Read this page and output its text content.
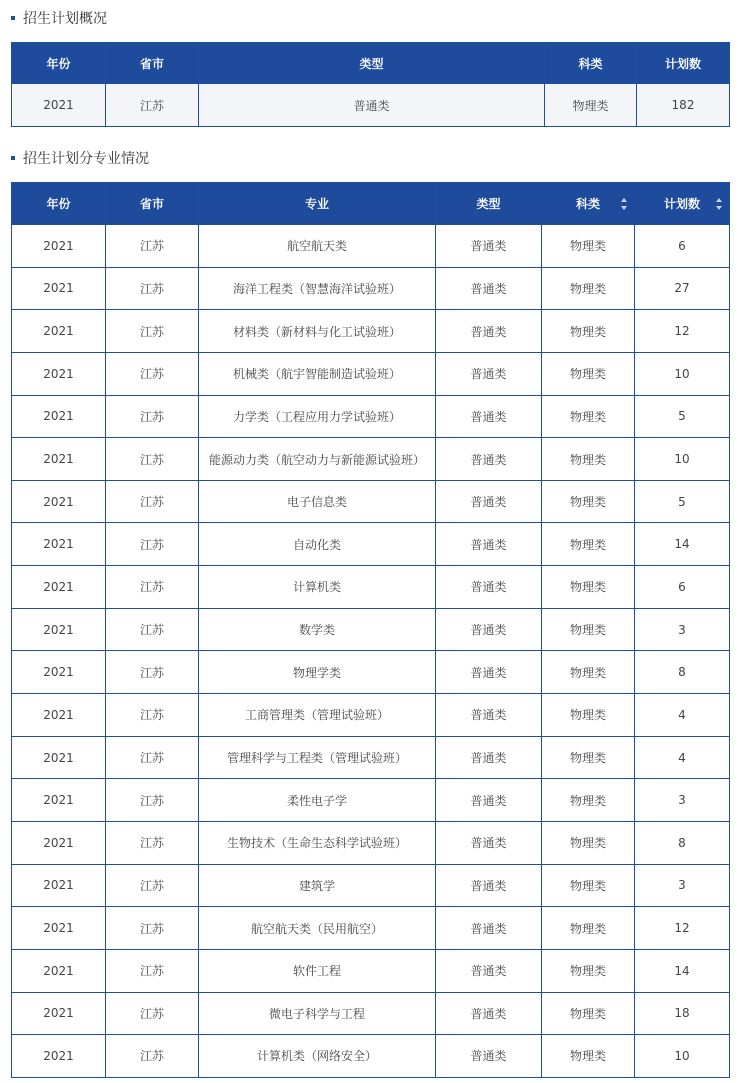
招生计划概况
年份	省市	类型	科类	计划数
2021	江苏	普通类	物理类	182
招生计划分专业情况
年份	省市	专业	类型	科类	计划数

2021	江苏	航空航天类	普通类	物理类	6
2021	江苏	海洋工程类（智慧海洋试验班）	普通类	物理类	27
2021	江苏	材料类（新材料与化工试验班）	普通类	物理类	12
2021	江苏	机械类（航宇智能制造试验班）	普通类	物理类	10
2021	江苏	力学类（工程应用力学试验班）	普通类	物理类	5
2021	江苏	能源动力类（航空动力与新能源试验班）	普通类	物理类	10
2021	江苏	电子信息类	普通类	物理类	5
2021	江苏	自动化类	普通类	物理类	14
2021	江苏	计算机类	普通类	物理类	6
2021	江苏	数学类	普通类	物理类	3
2021	江苏	物理学类	普通类	物理类	8
2021	江苏	工商管理类（管理试验班）	普通类	物理类	4
2021	江苏	管理科学与工程类（管理试验班）	普通类	物理类	4
2021	江苏	柔性电子学	普通类	物理类	3
2021	江苏	生物技术（生命生态科学试验班）	普通类	物理类	8
2021	江苏	建筑学	普通类	物理类	3
2021	江苏	航空航天类（民用航空）	普通类	物理类	12
2021	江苏	软件工程	普通类	物理类	14
2021	江苏	微电子科学与工程	普通类	物理类	18
2021	江苏	计算机类（网络安全）	普通类	物理类	10
